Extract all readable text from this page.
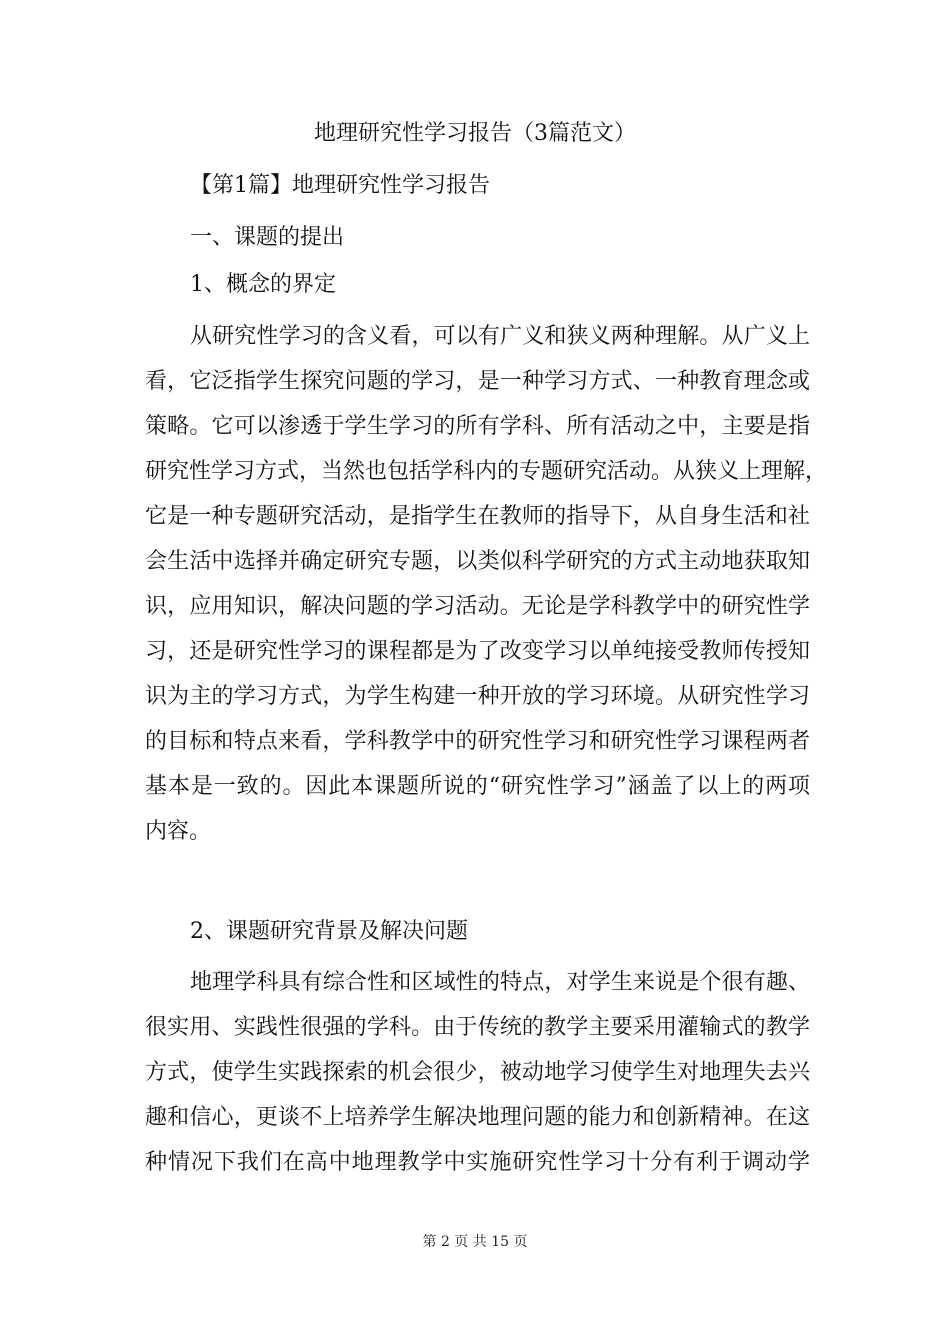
地理研究性学习报告（3篇范文）
【第1篇】地理研究性学习报告
一、课题的提出
1、概念的界定
从研究性学习的含义看，可以有广义和狭义两种理解。从广义上
看，它泛指学生探究问题的学习，是一种学习方式、一种教育理念或
策略。它可以渗透于学生学习的所有学科、所有活动之中，主要是指
研究性学习方式，当然也包括学科内的专题研究活动。从狭义上理解，
它是一种专题研究活动，是指学生在教师的指导下，从自身生活和社
会生活中选择并确定研究专题，以类似科学研究的方式主动地获取知
识，应用知识，解决问题的学习活动。无论是学科教学中的研究性学
习，还是研究性学习的课程都是为了改变学习以单纯接受教师传授知
识为主的学习方式，为学生构建一种开放的学习环境。从研究性学习
的目标和特点来看，学科教学中的研究性学习和研究性学习课程两者
基本是一致的。因此本课题所说的“研究性学习”涵盖了以上的两项
内容。
2、课题研究背景及解决问题
地理学科具有综合性和区域性的特点，对学生来说是个很有趣、
很实用、实践性很强的学科。由于传统的教学主要采用灌输式的教学
方式，使学生实践探索的机会很少，被动地学习使学生对地理失去兴
趣和信心，更谈不上培养学生解决地理问题的能力和创新精神。在这
种情况下我们在高中地理教学中实施研究性学习十分有利于调动学
第 2 页 共 15 页
